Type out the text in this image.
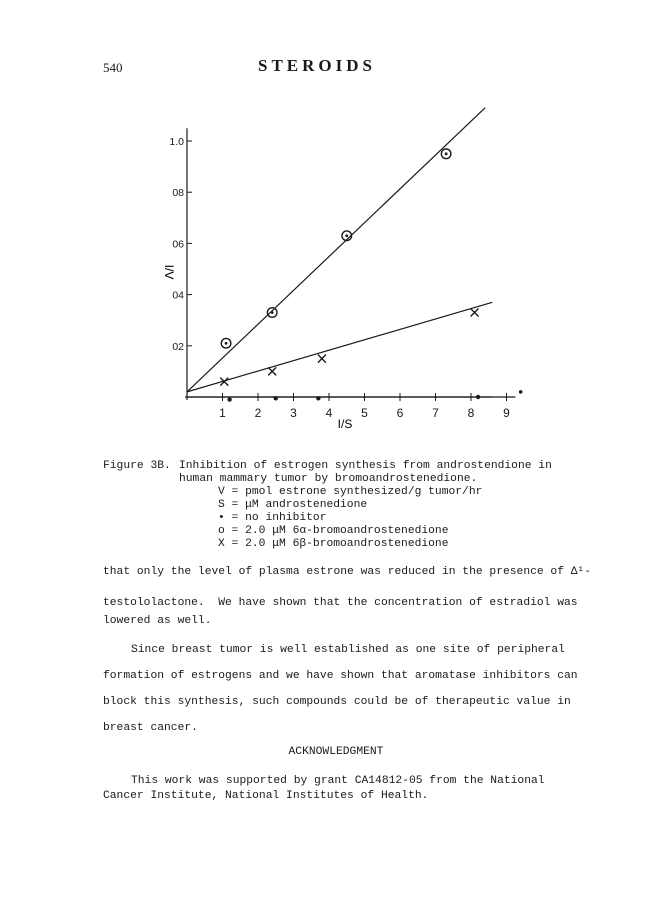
540	STEROIDS
1 2 3 4 5 6 7 8 9
02
04
06
08
1.0
I/S
I/V
Figure 3B. Inhibition of estrogen synthesis from androstendione in
human mammary tumor by bromoandrostenedione.
V = pmol estrone synthesized/g tumor/hr
S = μM androstenedione
• = no inhibitor
o = 2.0 μM 6α-bromoandrostenedione
X = 2.0 μM 6β-bromoandrostenedione
that only the level of plasma estrone was reduced in the presence of Δ¹-
testololactone.  We have shown that the concentration of estradiol was
lowered as well.
Since breast tumor is well established as one site of peripheral
formation of estrogens and we have shown that aromatase inhibitors can
block this synthesis, such compounds could be of therapeutic value in
breast cancer.
ACKNOWLEDGMENT
This work was supported by grant CA14812-05 from the National
Cancer Institute, National Institutes of Health.
